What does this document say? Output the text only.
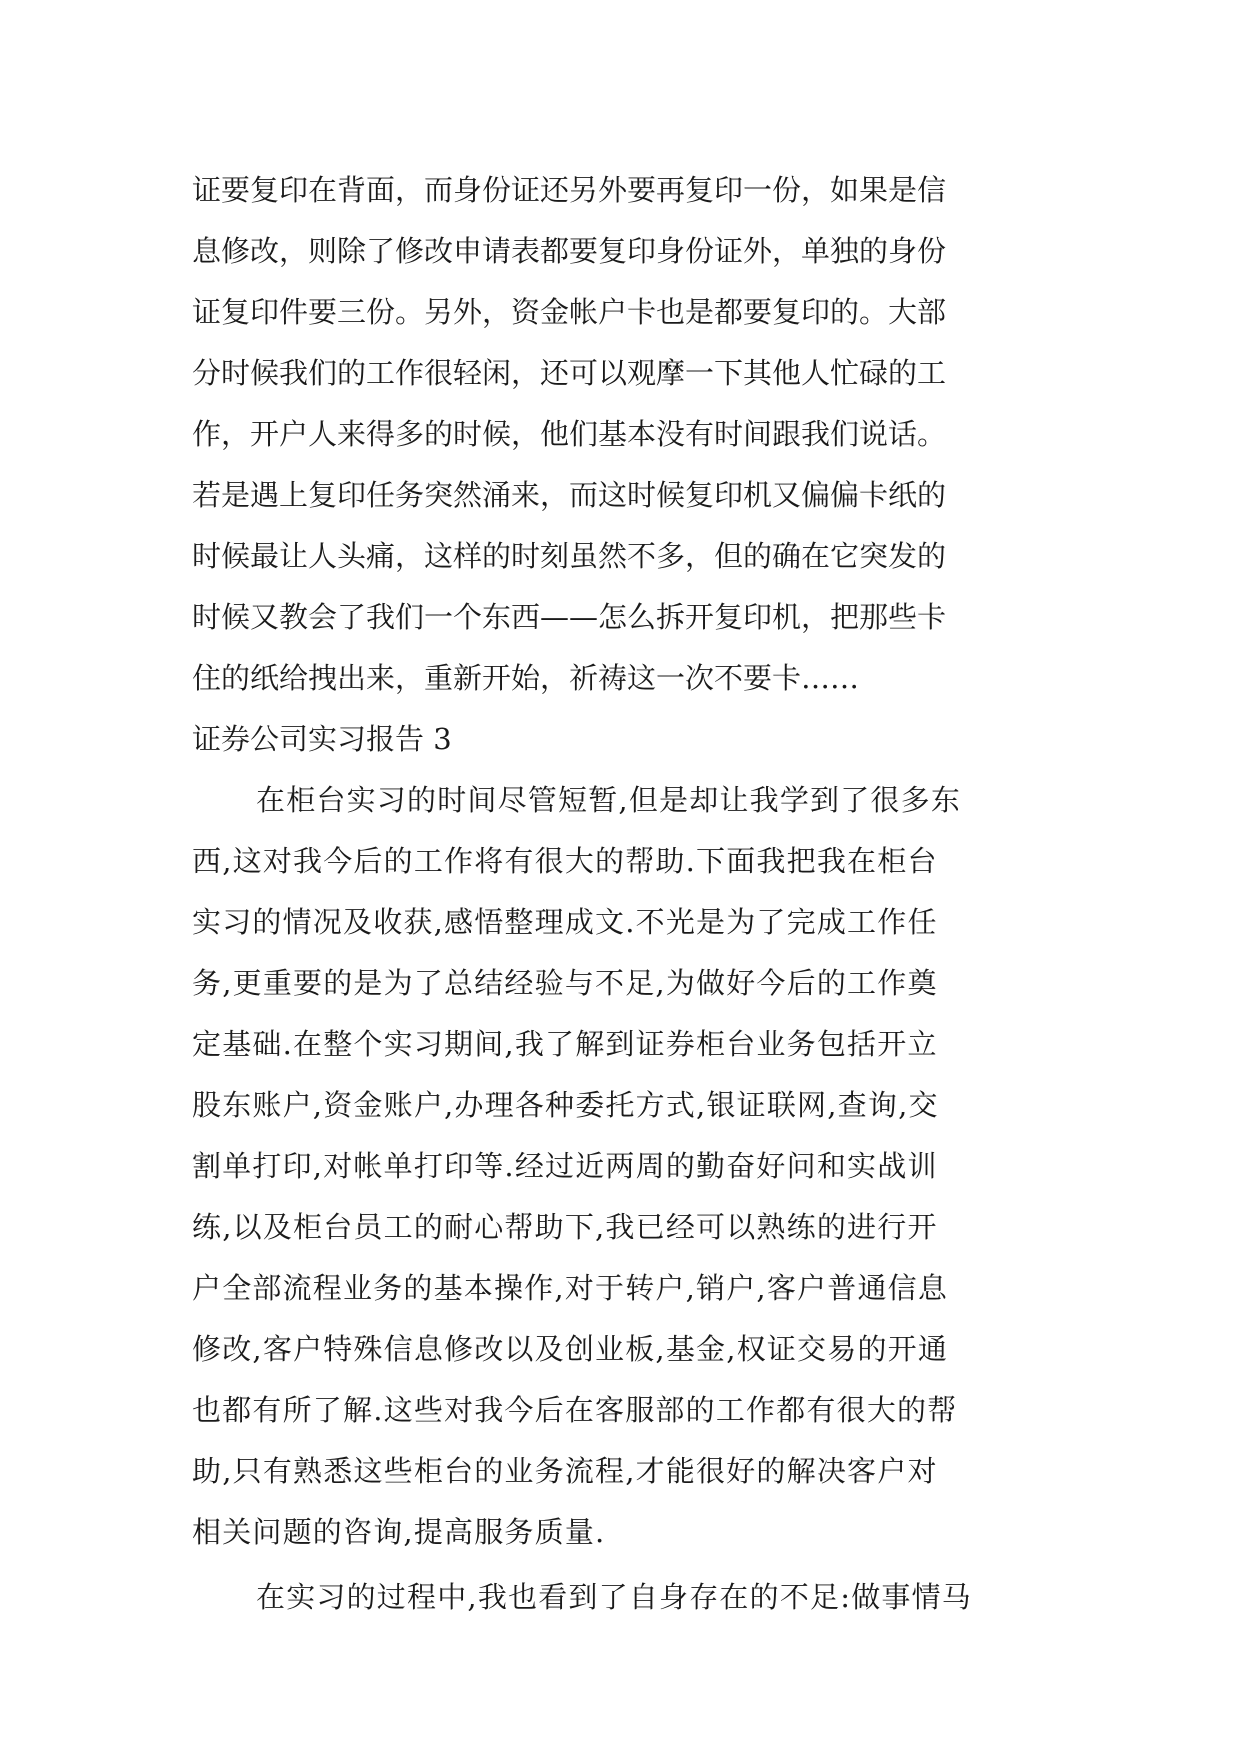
证要复印在背面，而身份证还另外要再复印一份，如果是信
息修改，则除了修改申请表都要复印身份证外，单独的身份
证复印件要三份。另外，资金帐户卡也是都要复印的。大部
分时候我们的工作很轻闲，还可以观摩一下其他人忙碌的工
作，开户人来得多的时候，他们基本没有时间跟我们说话。
若是遇上复印任务突然涌来，而这时候复印机又偏偏卡纸的
时候最让人头痛，这样的时刻虽然不多，但的确在它突发的
时候又教会了我们一个东西——怎么拆开复印机，把那些卡
住的纸给拽出来，重新开始，祈祷这一次不要卡……
证券公司实习报告 3
在柜台实习的时间尽管短暂,但是却让我学到了很多东
西,这对我今后的工作将有很大的帮助.下面我把我在柜台
实习的情况及收获,感悟整理成文.不光是为了完成工作任
务,更重要的是为了总结经验与不足,为做好今后的工作奠
定基础.在整个实习期间,我了解到证券柜台业务包括开立
股东账户,资金账户,办理各种委托方式,银证联网,查询,交
割单打印,对帐单打印等.经过近两周的勤奋好问和实战训
练,以及柜台员工的耐心帮助下,我已经可以熟练的进行开
户全部流程业务的基本操作,对于转户,销户,客户普通信息
修改,客户特殊信息修改以及创业板,基金,权证交易的开通
也都有所了解.这些对我今后在客服部的工作都有很大的帮
助,只有熟悉这些柜台的业务流程,才能很好的解决客户对
相关问题的咨询,提高服务质量.
在实习的过程中,我也看到了自身存在的不足:做事情马
